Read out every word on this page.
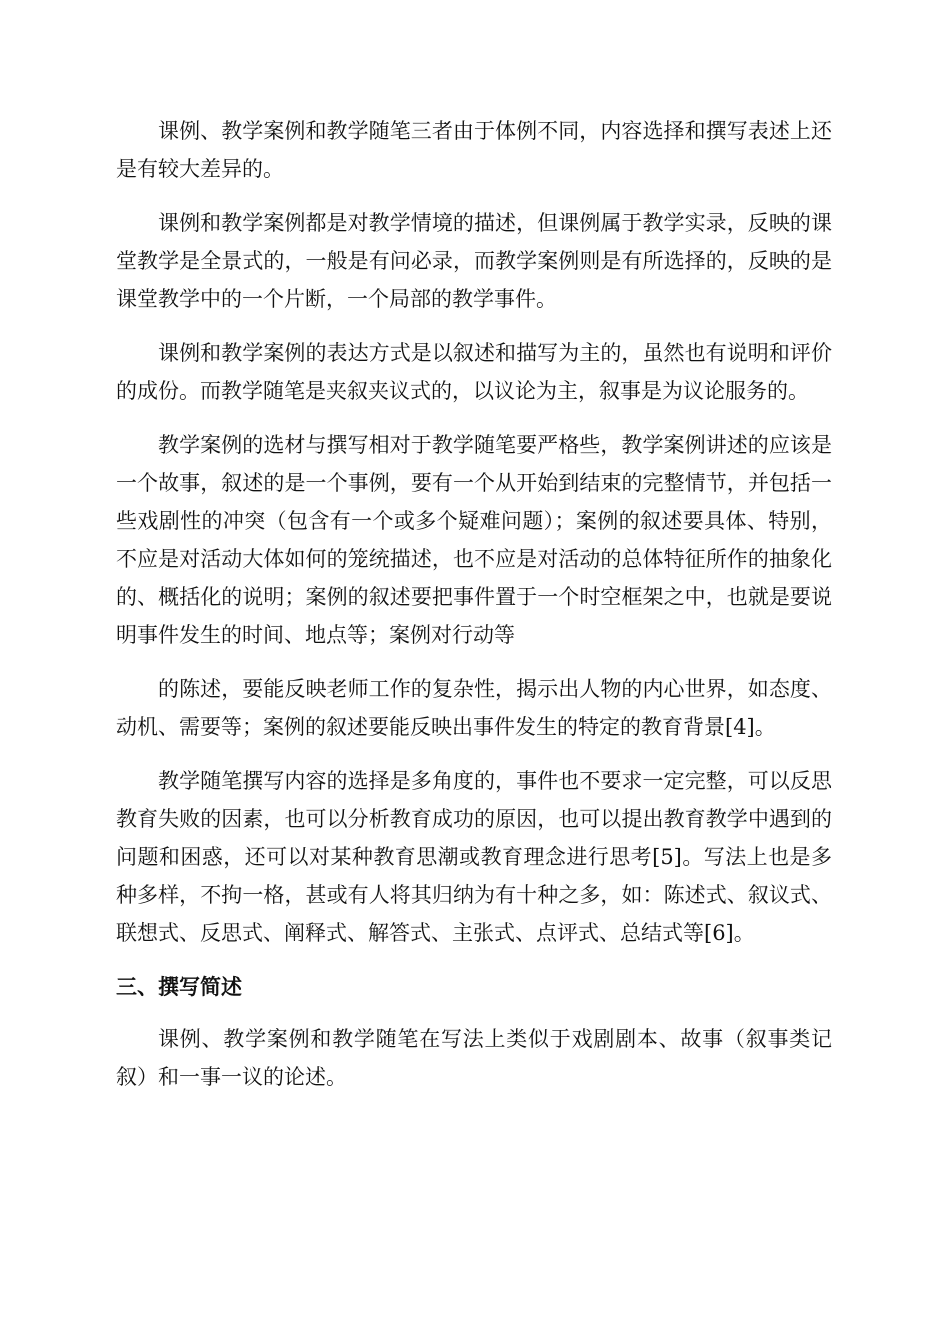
课例、教学案例和教学随笔三者由于体例不同，内容选择和撰写表述上还是有较大差异的。

课例和教学案例都是对教学情境的描述，但课例属于教学实录，反映的课堂教学是全景式的，一般是有问必录，而教学案例则是有所选择的，反映的是课堂教学中的一个片断，一个局部的教学事件。

课例和教学案例的表达方式是以叙述和描写为主的，虽然也有说明和评价的成份。而教学随笔是夹叙夹议式的，以议论为主，叙事是为议论服务的。

教学案例的选材与撰写相对于教学随笔要严格些，教学案例讲述的应该是一个故事，叙述的是一个事例，要有一个从开始到结束的完整情节，并包括一些戏剧性的冲突（包含有一个或多个疑难问题）；案例的叙述要具体、特别，不应是对活动大体如何的笼统描述，也不应是对活动的总体特征所作的抽象化的、概括化的说明；案例的叙述要把事件置于一个时空框架之中，也就是要说明事件发生的时间、地点等；案例对行动等

的陈述，要能反映老师工作的复杂性，揭示出人物的内心世界，如态度、动机、需要等；案例的叙述要能反映出事件发生的特定的教育背景[4]。

教学随笔撰写内容的选择是多角度的，事件也不要求一定完整，可以反思教育失败的因素，也可以分析教育成功的原因，也可以提出教育教学中遇到的问题和困惑，还可以对某种教育思潮或教育理念进行思考[5]。写法上也是多种多样，不拘一格，甚或有人将其归纳为有十种之多，如：陈述式、叙议式、联想式、反思式、阐释式、解答式、主张式、点评式、总结式等[6]。

三、撰写简述

课例、教学案例和教学随笔在写法上类似于戏剧剧本、故事（叙事类记叙）和一事一议的论述。
